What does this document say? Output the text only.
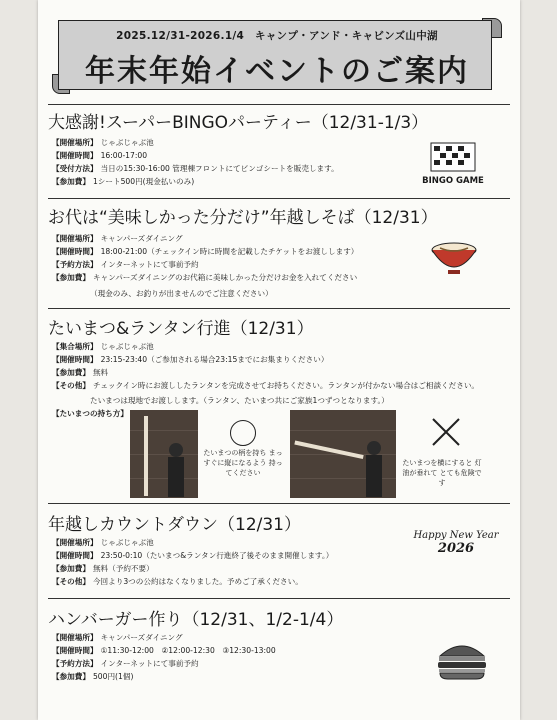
2025.12/31-2026.1/4　キャンプ・アンド・キャビンズ山中湖
年末年始イベントのご案内
大感謝!スーパーBINGOパーティー（12/31-1/3）
【開催場所】 じゃぶじゃぶ池
【開催時間】 16:00-17:00
【受付方法】 当日の15:30-16:00 管理棟フロントにてビンゴシートを販売します。
【参加費】 1シート500円(現金払いのみ)	BINGO GAME
お代は“美味しかった分だけ”年越しそば（12/31）
【開催場所】 キャンパーズダイニング
【開催時間】 18:00-21:00（チェックイン時に時間を記載したチケットをお渡しします）
【予約方法】 インターネットにて事前予約
【参加費】 キャンパーズダイニングのお代箱に美味しかった分だけお金を入れてください
（現金のみ、お釣りが出ませんのでご注意ください）
たいまつ&ランタン行進（12/31）
【集合場所】 じゃぶじゃぶ池
【開催時間】 23:15-23:40（ご参加される場合23:15までにお集まりください）
【参加費】 無料
【その他】 チェックイン時にお渡ししたランタンを完成させてお持ちください。ランタンが付かない場合はご相談ください。
たいまつは現地でお渡しします。（ランタン、たいまつ共にご家族1つずつとなります。）
【たいまつの持ち方】
たいまつの柄を持ち まっすぐに縦になるよう 持ってください
たいまつを横にすると 灯油が垂れて とても危険です
年越しカウントダウン（12/31）
【開催場所】 じゃぶじゃぶ池
【開催時間】 23:50-0:10（たいまつ&ランタン行進終了後そのまま開催します。）
【参加費】 無料（予約不要）
【その他】 今回より3つの公約はなくなりました。予めご了承ください。
Happy New Year
2026
ハンバーガー作り（12/31、1/2-1/4）
【開催場所】 キャンパーズダイニング
【開催時間】 ①11:30-12:00　②12:00-12:30　③12:30-13:00
【予約方法】 インターネットにて事前予約
【参加費】 500円(1個)
